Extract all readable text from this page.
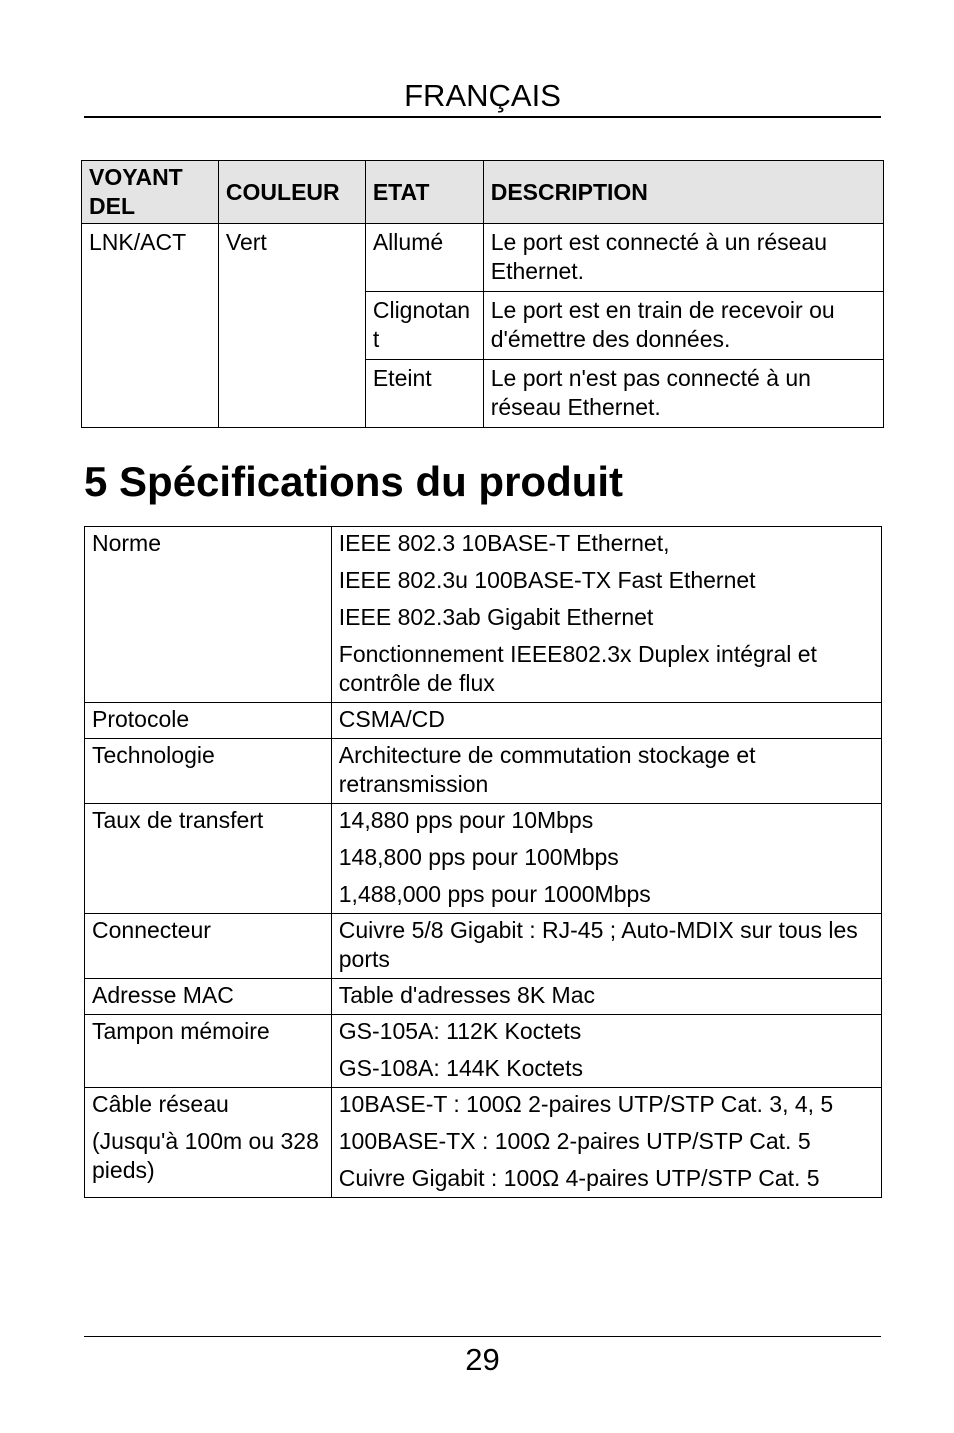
FRANÇAIS
VOYANT DEL	COULEUR	ETAT	DESCRIPTION
LNK/ACT	Vert	Allumé	Le port est connecté à un réseau Ethernet.
		Clignotant	Le port est en train de recevoir ou d'émettre des données.
		Eteint	Le port n'est pas connecté à un réseau Ethernet.
5 Spécifications du produit
Norme	IEEE 802.3 10BASE-T Ethernet,
IEEE 802.3u 100BASE-TX Fast Ethernet
IEEE 802.3ab Gigabit Ethernet
Fonctionnement IEEE802.3x Duplex intégral et contrôle de flux

Protocole	CSMA/CD

Technologie	Architecture de commutation stockage et retransmission

Taux de transfert	14,880 pps pour 10Mbps
148,800 pps pour 100Mbps
1,488,000 pps pour 1000Mbps

Connecteur	Cuivre 5/8 Gigabit : RJ-45 ; Auto-MDIX sur tous les ports

Adresse MAC	Table d'adresses 8K Mac

Tampon mémoire	GS-105A: 112K Koctets
GS-108A: 144K Koctets

Câble réseau
(Jusqu'à 100m ou 328 pieds)	10BASE-T : 100Ω 2-paires UTP/STP Cat. 3, 4, 5
100BASE-TX : 100Ω 2-paires UTP/STP Cat. 5
Cuivre Gigabit : 100Ω 4-paires UTP/STP Cat. 5
29
